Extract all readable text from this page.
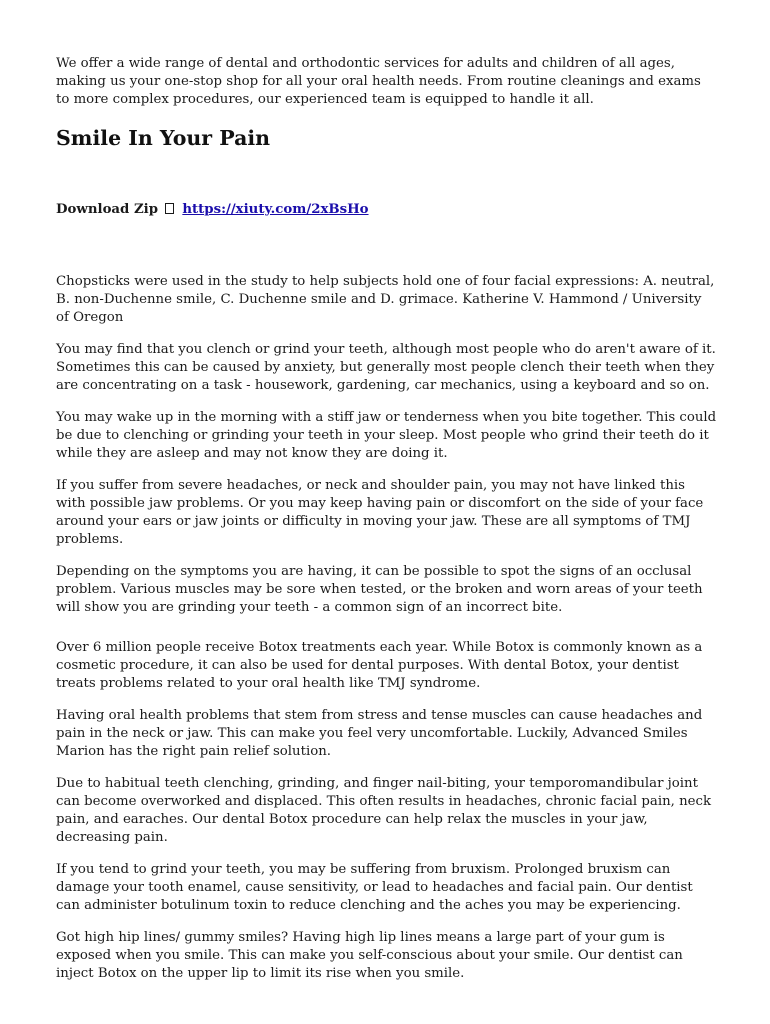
We offer a wide range of dental and orthodontic services for adults and children of all ages, making us your one-stop shop for all your oral health needs. From routine cleanings and exams to more complex procedures, our experienced team is equipped to handle it all.

Smile In Your Pain
Download Zip https://xiuty.com/2xBsHo

Chopsticks were used in the study to help subjects hold one of four facial expressions: A. neutral, B. non-Duchenne smile, C. Duchenne smile and D. grimace. Katherine V. Hammond / University of Oregon

You may find that you clench or grind your teeth, although most people who do aren't aware of it. Sometimes this can be caused by anxiety, but generally most people clench their teeth when they are concentrating on a task - housework, gardening, car mechanics, using a keyboard and so on.

You may wake up in the morning with a stiff jaw or tenderness when you bite together. This could be due to clenching or grinding your teeth in your sleep. Most people who grind their teeth do it while they are asleep and may not know they are doing it.

If you suffer from severe headaches, or neck and shoulder pain, you may not have linked this with possible jaw problems. Or you may keep having pain or discomfort on the side of your face around your ears or jaw joints or difficulty in moving your jaw. These are all symptoms of TMJ problems.

Depending on the symptoms you are having, it can be possible to spot the signs of an occlusal problem. Various muscles may be sore when tested, or the broken and worn areas of your teeth will show you are grinding your teeth - a common sign of an incorrect bite.

Over 6 million people receive Botox treatments each year. While Botox is commonly known as a cosmetic procedure, it can also be used for dental purposes. With dental Botox, your dentist treats problems related to your oral health like TMJ syndrome.

Having oral health problems that stem from stress and tense muscles can cause headaches and pain in the neck or jaw. This can make you feel very uncomfortable. Luckily, Advanced Smiles Marion has the right pain relief solution.

Due to habitual teeth clenching, grinding, and finger nail-biting, your temporomandibular joint can become overworked and displaced. This often results in headaches, chronic facial pain, neck pain, and earaches. Our dental Botox procedure can help relax the muscles in your jaw, decreasing pain.

If you tend to grind your teeth, you may be suffering from bruxism. Prolonged bruxism can damage your tooth enamel, cause sensitivity, or lead to headaches and facial pain. Our dentist can administer botulinum toxin to reduce clenching and the aches you may be experiencing.

Got high hip lines/ gummy smiles? Having high lip lines means a large part of your gum is exposed when you smile. This can make you self-conscious about your smile. Our dentist can inject Botox on the upper lip to limit its rise when you smile.
